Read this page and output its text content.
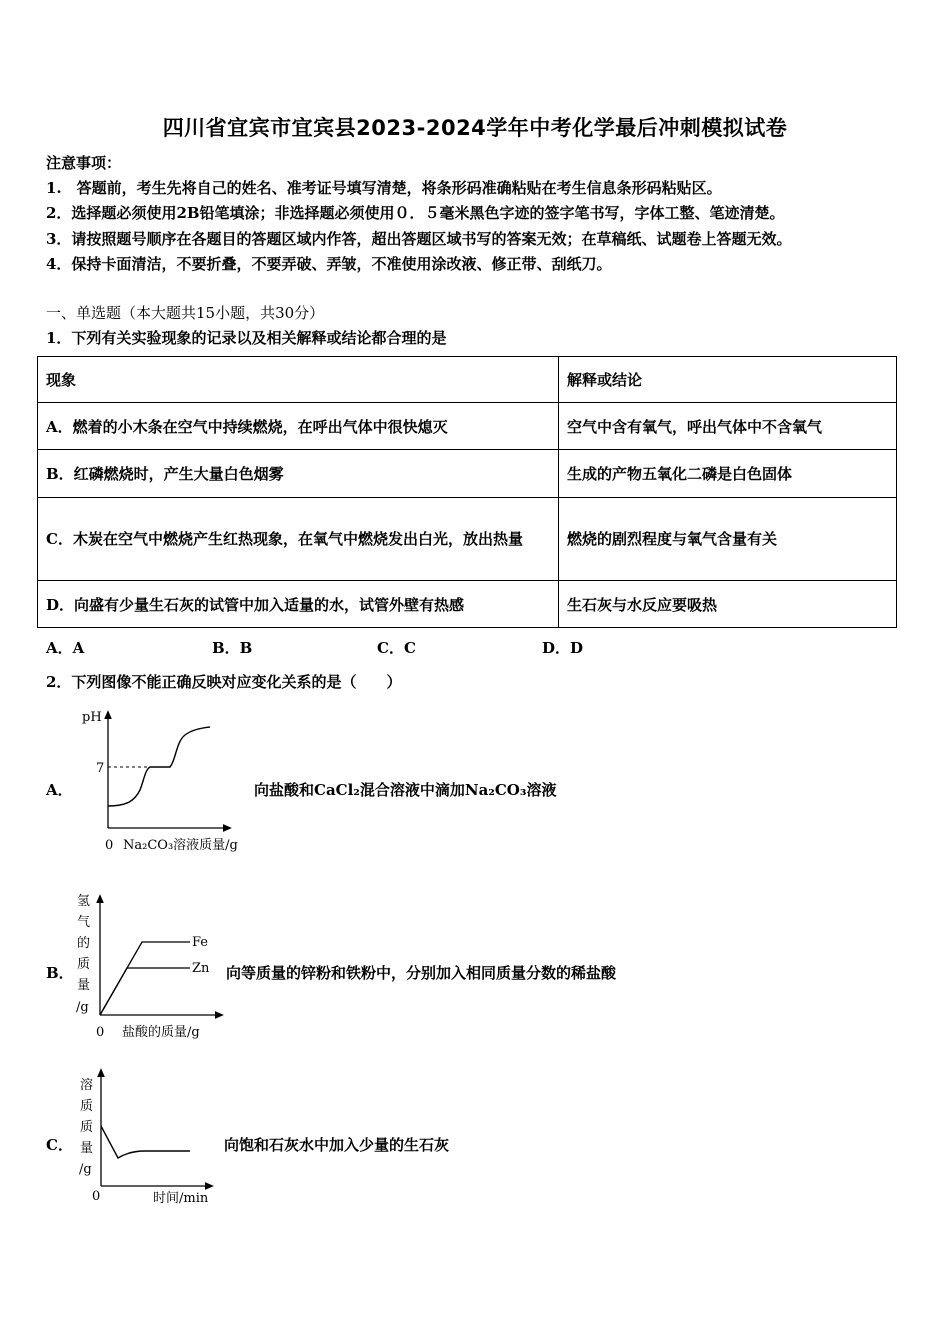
四川省宜宾市宜宾县2023-2024学年中考化学最后冲刺模拟试卷
注意事项：
1.　答题前，考生先将自己的姓名、准考证号填写清楚，将条形码准确粘贴在考生信息条形码粘贴区。
2．选择题必须使用2B铅笔填涂；非选择题必须使用０．５毫米黑色字迹的签字笔书写，字体工整、笔迹清楚。
3．请按照题号顺序在各题目的答题区域内作答，超出答题区域书写的答案无效；在草稿纸、试题卷上答题无效。
4．保持卡面清洁，不要折叠，不要弄破、弄皱，不准使用涂改液、修正带、刮纸刀。
一、单选题（本大题共15小题，共30分）
1．下列有关实验现象的记录以及相关解释或结论都合理的是
现象	解释或结论
A．燃着的小木条在空气中持续燃烧，在呼出气体中很快熄灭	空气中含有氧气，呼出气体中不含氧气
B．红磷燃烧时，产生大量白色烟雾	生成的产物五氧化二磷是白色固体
C．木炭在空气中燃烧产生红热现象，在氧气中燃烧发出白光，放出热量	燃烧的剧烈程度与氧气含量有关
D．向盛有少量生石灰的试管中加入适量的水，试管外壁有热感	生石灰与水反应要吸热
A．A	B．B	C．C	D．D
2．下列图像不能正确反映对应变化关系的是（　　）
A．	向盐酸和CaCl₂混合溶液中滴加Na₂CO₃溶液
B．	向等质量的锌粉和铁粉中，分别加入相同质量分数的稀盐酸
C．	向饱和石灰水中加入少量的生石灰
pH
7
0 Na₂CO₃溶液质量/g
Fe
Zn
氢
气
的
质
量
/g
0 盐酸的质量/g
溶
质
质
量
/g
0	时间/min
